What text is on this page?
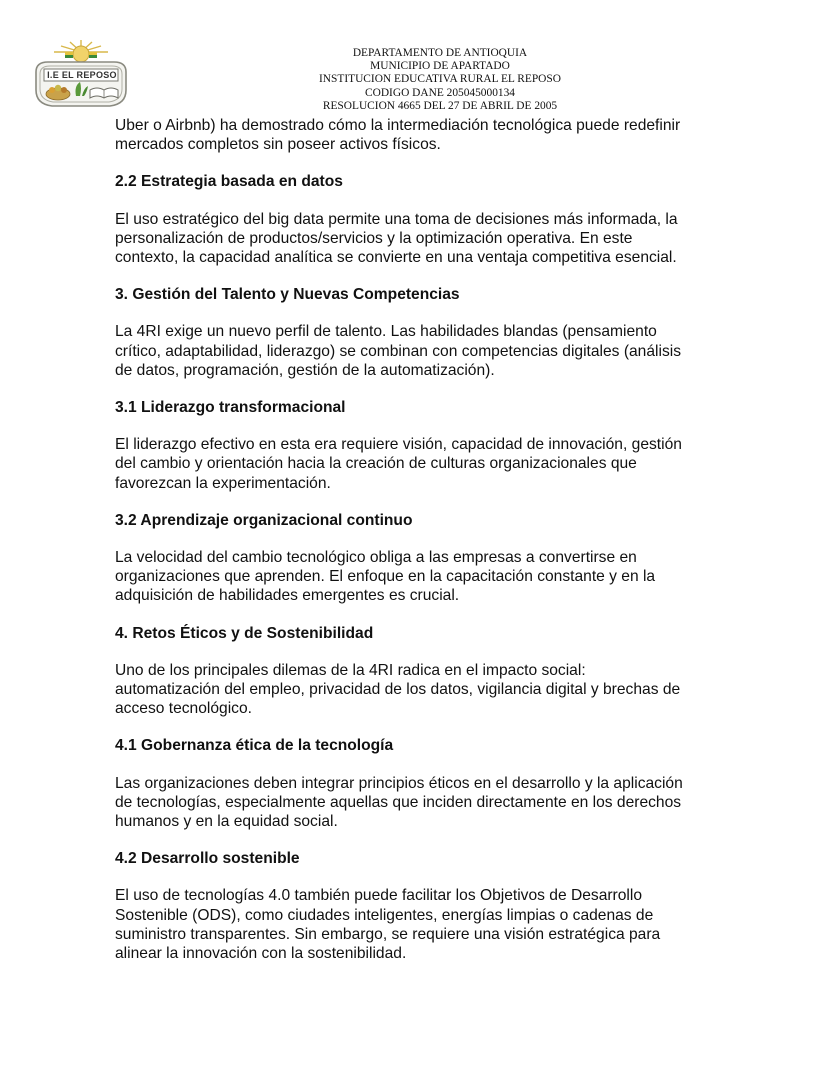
I.E EL REPOSO
DEPARTAMENTO DE ANTIOQUIA
MUNICIPIO DE APARTADO
INSTITUCION EDUCATIVA RURAL EL REPOSO
CODIGO DANE 205045000134
RESOLUCION 4665 DEL 27 DE ABRIL DE 2005

Uber o Airbnb) ha demostrado cómo la intermediación tecnológica puede redefinir
mercados completos sin poseer activos físicos.

2.2 Estrategia basada en datos

El uso estratégico del big data permite una toma de decisiones más informada, la
personalización de productos/servicios y la optimización operativa. En este
contexto, la capacidad analítica se convierte en una ventaja competitiva esencial.

3. Gestión del Talento y Nuevas Competencias

La 4RI exige un nuevo perfil de talento. Las habilidades blandas (pensamiento
crítico, adaptabilidad, liderazgo) se combinan con competencias digitales (análisis
de datos, programación, gestión de la automatización).

3.1 Liderazgo transformacional

El liderazgo efectivo en esta era requiere visión, capacidad de innovación, gestión
del cambio y orientación hacia la creación de culturas organizacionales que
favorezcan la experimentación.

3.2 Aprendizaje organizacional continuo

La velocidad del cambio tecnológico obliga a las empresas a convertirse en
organizaciones que aprenden. El enfoque en la capacitación constante y en la
adquisición de habilidades emergentes es crucial.

4. Retos Éticos y de Sostenibilidad

Uno de los principales dilemas de la 4RI radica en el impacto social:
automatización del empleo, privacidad de los datos, vigilancia digital y brechas de
acceso tecnológico.

4.1 Gobernanza ética de la tecnología

Las organizaciones deben integrar principios éticos en el desarrollo y la aplicación
de tecnologías, especialmente aquellas que inciden directamente en los derechos
humanos y en la equidad social.

4.2 Desarrollo sostenible

El uso de tecnologías 4.0 también puede facilitar los Objetivos de Desarrollo
Sostenible (ODS), como ciudades inteligentes, energías limpias o cadenas de
suministro transparentes. Sin embargo, se requiere una visión estratégica para
alinear la innovación con la sostenibilidad.
